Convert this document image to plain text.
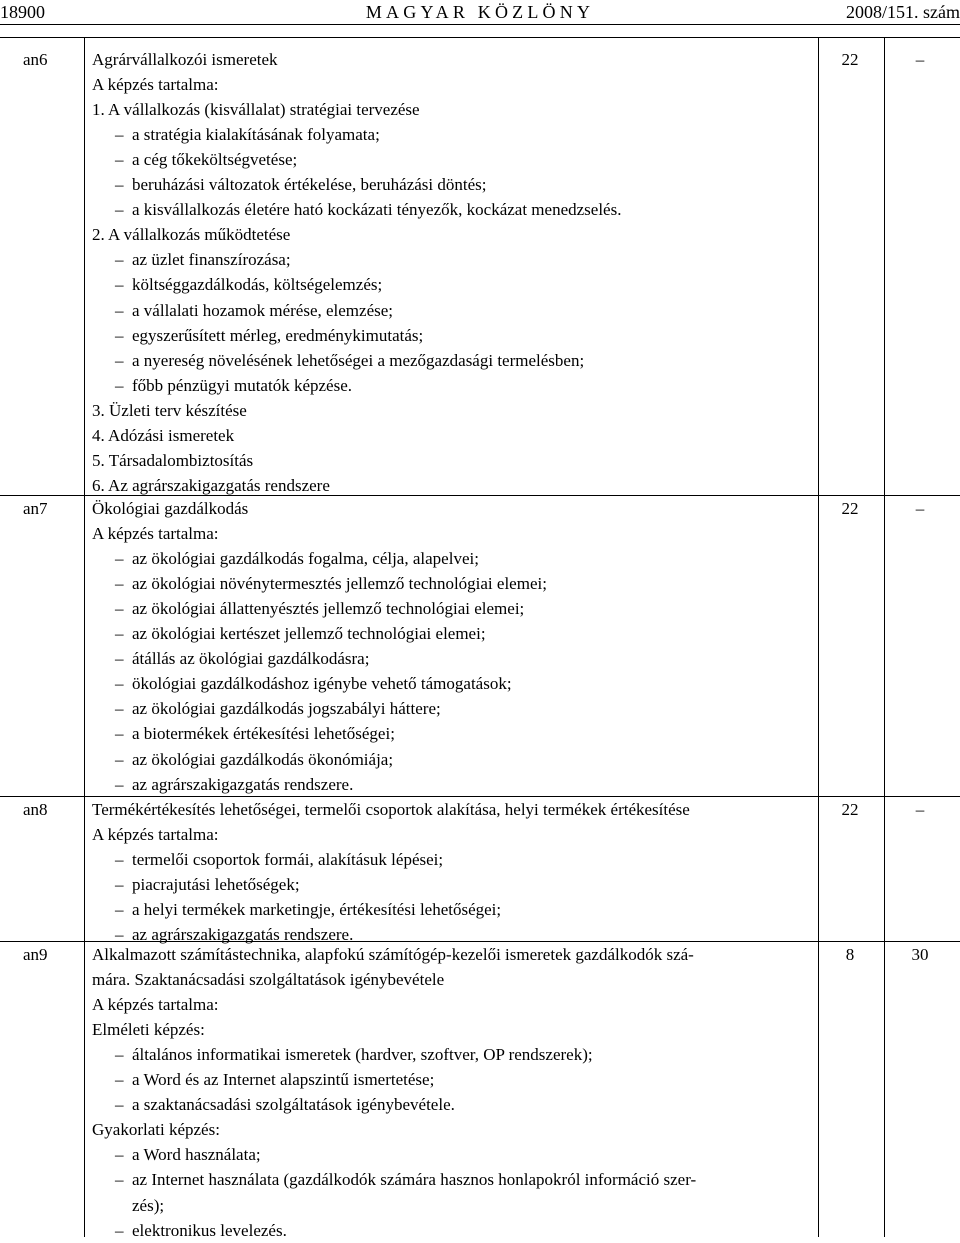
18900	MAGYAR KÖZLÖNY	2008/151. szám
an6	Agrárvállalkozói ismeretek	22	–
A képzés tartalma:
1. A vállalkozás (kisvállalat) stratégiai tervezése
– a stratégia kialakításának folyamata;
– a cég tőkeköltségvetése;
– beruházási változatok értékelése, beruházási döntés;
– a kisvállalkozás életére ható kockázati tényezők, kockázat menedzselés.
2. A vállalkozás működtetése
– az üzlet finanszírozása;
– költséggazdálkodás, költségelemzés;
– a vállalati hozamok mérése, elemzése;
– egyszerűsített mérleg, eredménykimutatás;
– a nyereség növelésének lehetőségei a mezőgazdasági termelésben;
– főbb pénzügyi mutatók képzése.
3. Üzleti terv készítése
4. Adózási ismeretek
5. Társadalombiztosítás
6. Az agrárszakigazgatás rendszere
an7	Ökológiai gazdálkodás	22	–
A képzés tartalma:
– az ökológiai gazdálkodás fogalma, célja, alapelvei;
– az ökológiai növénytermesztés jellemző technológiai elemei;
– az ökológiai állattenyésztés jellemző technológiai elemei;
– az ökológiai kertészet jellemző technológiai elemei;
– átállás az ökológiai gazdálkodásra;
– ökológiai gazdálkodáshoz igénybe vehető támogatások;
– az ökológiai gazdálkodás jogszabályi háttere;
– a biotermékek értékesítési lehetőségei;
– az ökológiai gazdálkodás ökonómiája;
– az agrárszakigazgatás rendszere.
an8	Termékértékesítés lehetőségei, termelői csoportok alakítása, helyi termékek értékesítése	22	–
A képzés tartalma:
– termelői csoportok formái, alakításuk lépései;
– piacrajutási lehetőségek;
– a helyi termékek marketingje, értékesítési lehetőségei;
– az agrárszakigazgatás rendszere.
an9	Alkalmazott számítástechnika, alapfokú számítógép-kezelői ismeretek gazdálkodók szá-	8	30
mára. Szaktanácsadási szolgáltatások igénybevétele
A képzés tartalma:
Elméleti képzés:
– általános informatikai ismeretek (hardver, szoftver, OP rendszerek);
– a Word és az Internet alapszintű ismertetése;
– a szaktanácsadási szolgáltatások igénybevétele.
Gyakorlati képzés:
– a Word használata;
– az Internet használata (gazdálkodók számára hasznos honlapokról információ szer-
zés);
– elektronikus levelezés.
